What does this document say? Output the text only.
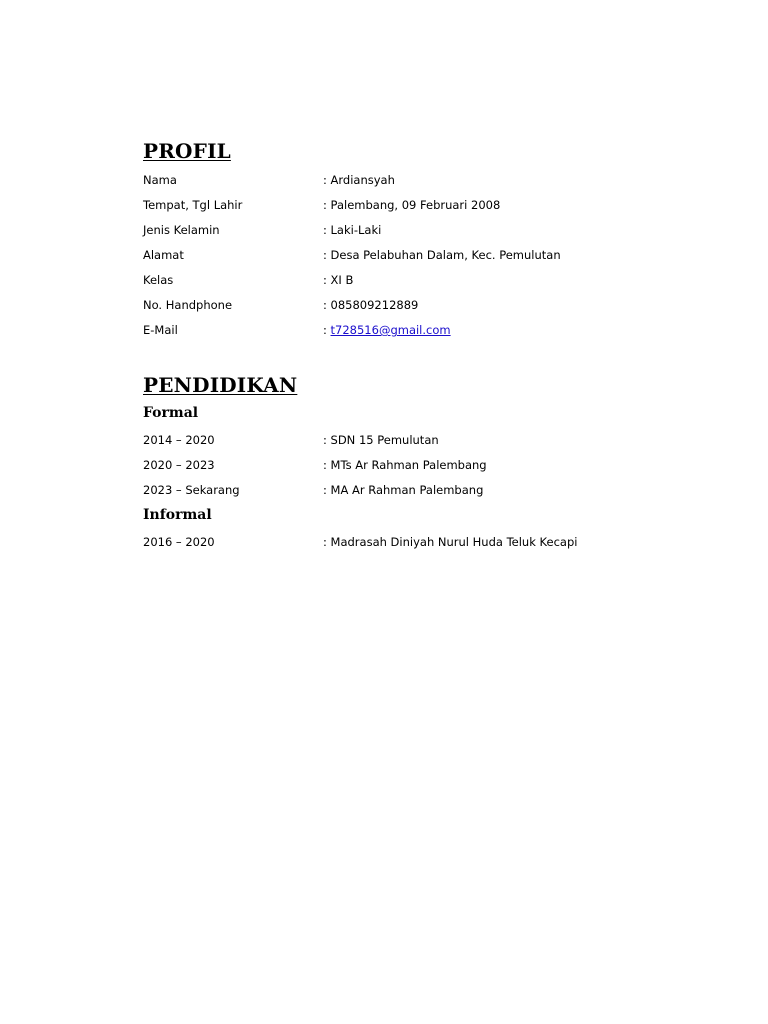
PROFIL
Nama	: Ardiansyah
Tempat, Tgl Lahir	: Palembang, 09 Februari 2008
Jenis Kelamin	: Laki-Laki
Alamat	: Desa Pelabuhan Dalam, Kec. Pemulutan
Kelas	: XI B
No. Handphone	: 085809212889
E-Mail	: t728516@gmail.com
PENDIDIKAN
Formal
2014 – 2020	: SDN 15 Pemulutan
2020 – 2023	: MTs Ar Rahman Palembang
2023 – Sekarang	: MA Ar Rahman Palembang
Informal
2016 – 2020	: Madrasah Diniyah Nurul Huda Teluk Kecapi
